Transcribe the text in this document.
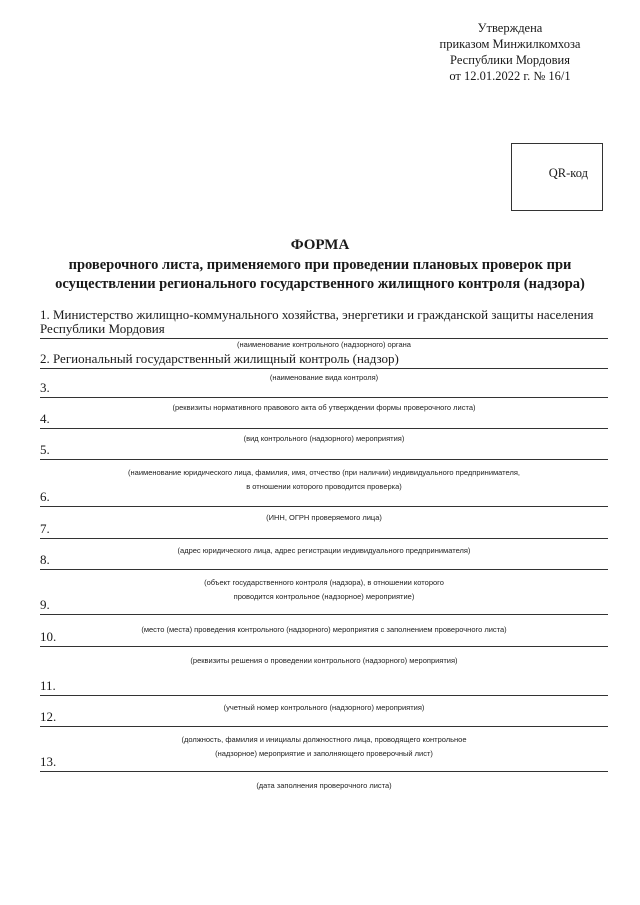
Утверждена
приказом Минжилкомхоза
Республики Мордовия
от 12.01.2022 г. № 16/1
QR-код
ФОРМА
проверочного листа, применяемого при проведении плановых проверок при
осуществлении регионального государственного жилищного контроля (надзора)
1. Министерство жилищно-коммунального хозяйства, энергетики и гражданской защиты населения
Республики Мордовия
(наименование контрольного (надзорного) органа
2. Региональный государственный жилищный контроль (надзор)
(наименование вида контроля)
3.
(реквизиты нормативного правового акта об утверждении формы проверочного листа)
4.
(вид контрольного (надзорного) мероприятия)
5.
(наименование юридического лица, фамилия, имя, отчество (при наличии) индивидуального предпринимателя,
в отношении которого проводится проверка)
6.
(ИНН, ОГРН проверяемого лица)
7.
(адрес юридического лица, адрес регистрации индивидуального предпринимателя)
8.
(объект государственного контроля (надзора), в отношении которого
проводится контрольное (надзорное) мероприятие)
9.
(место (места) проведения контрольного (надзорного) мероприятия с заполнением проверочного листа)
10.
(реквизиты решения о проведении контрольного (надзорного) мероприятия)
11.
(учетный номер контрольного (надзорного) мероприятия)
12.
(должность, фамилия и инициалы должностного лица, проводящего контрольное
(надзорное) мероприятие и заполняющего проверочный лист)
13.
(дата заполнения проверочного листа)
